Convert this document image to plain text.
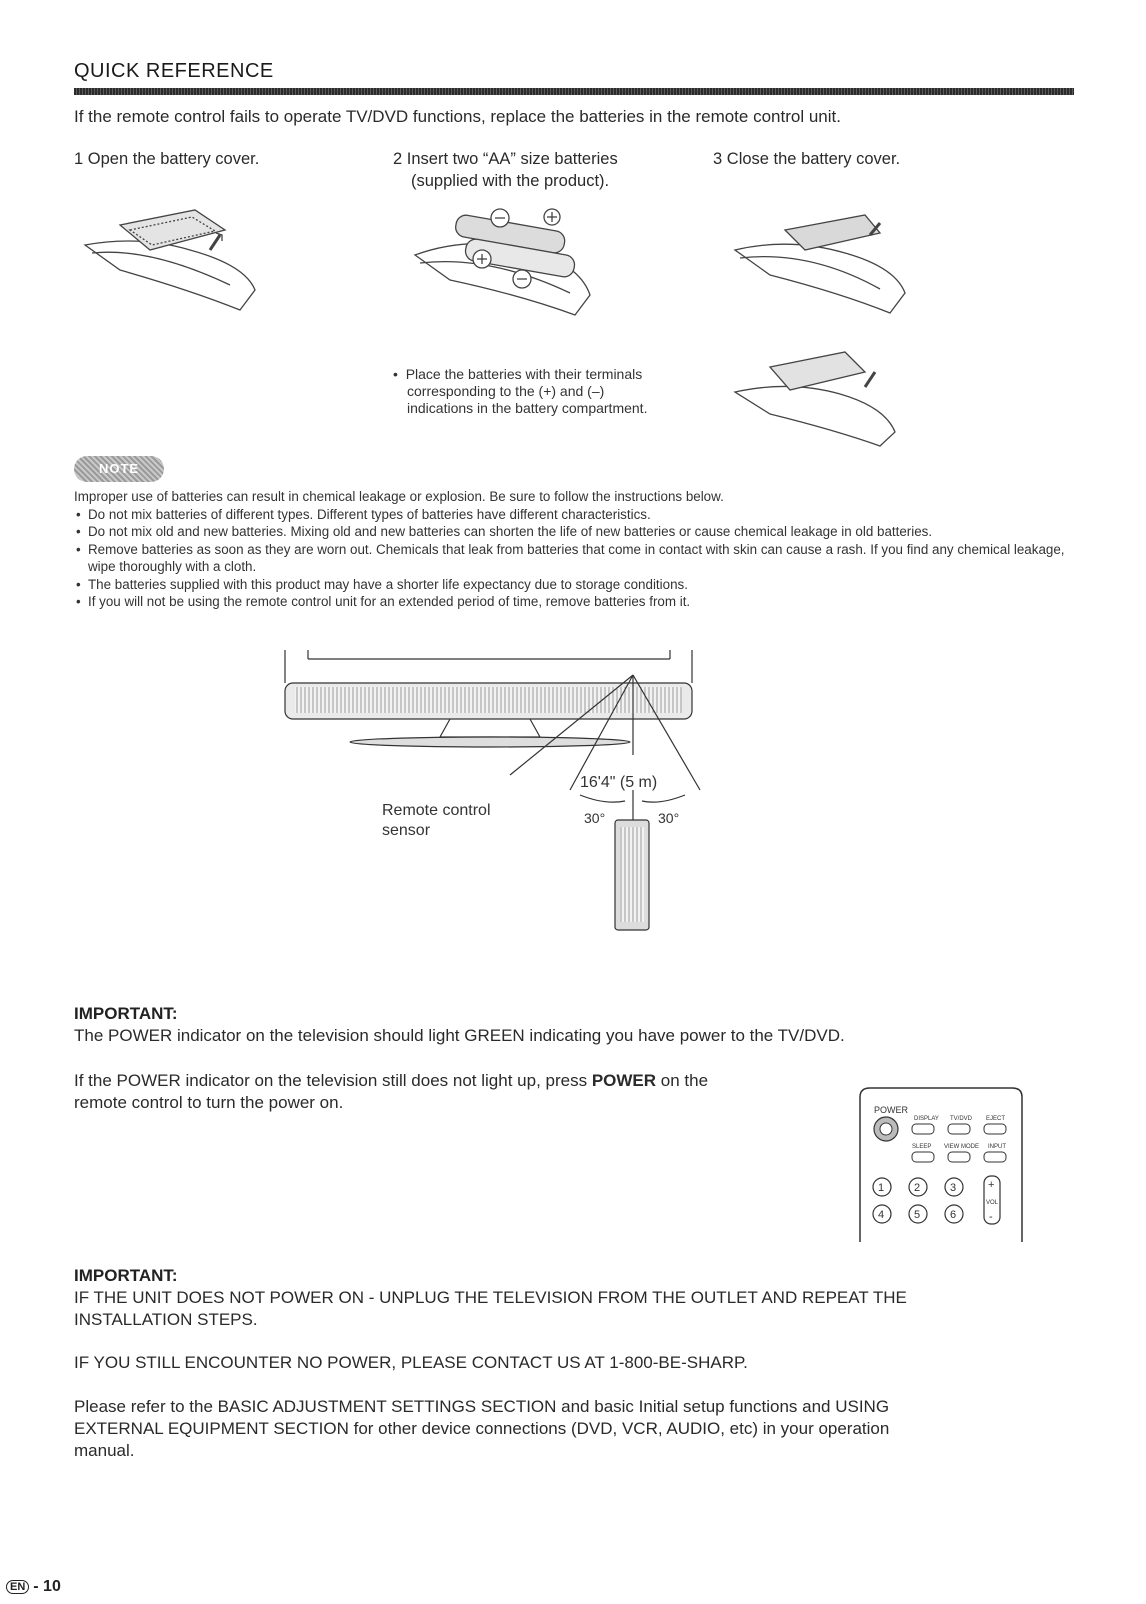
QUICK REFERENCE
If the remote control fails to operate TV/DVD functions, replace the batteries in the remote control unit.
1 Open the battery cover.	2 Insert two “AA” size batteries
(supplied with the product).
3 Close the battery cover.
•  Place the batteries with their terminals
corresponding to the (+) and (–)
indications in the battery compartment.
NOTE
Improper use of batteries can result in chemical leakage or explosion. Be sure to follow the instructions below.
• Do not mix batteries of different types. Different types of batteries have different characteristics.
• Do not mix old and new batteries. Mixing old and new batteries can shorten the life of new batteries or cause chemical leakage in old batteries.
• Remove batteries as soon as they are worn out. Chemicals that leak from batteries that come in contact with skin can cause a rash. If you find any chemical leakage, wipe thoroughly with a cloth.
• The batteries supplied with this product may have a shorter life expectancy due to storage conditions.
• If you will not be using the remote control unit for an extended period of time, remove batteries from it.
16'4" (5 m)
30°	30°
Remote control
sensor
IMPORTANT:
The POWER indicator on the television should light GREEN indicating you have power to the TV/DVD.
If the POWER indicator on the television still does not light up, press POWER on the
remote control to turn the power on.	POWER
DISPLAY TV/DVD EJECT
SLEEP VIEW MODE INPUT
1	2	3
4	5	6
+
VOL
-
IMPORTANT:
IF THE UNIT DOES NOT POWER ON - UNPLUG THE TELEVISION FROM THE OUTLET AND REPEAT THE
INSTALLATION STEPS.
IF YOU STILL ENCOUNTER NO POWER, PLEASE CONTACT US AT 1-800-BE-SHARP.
Please refer to the BASIC ADJUSTMENT SETTINGS SECTION and basic Initial setup functions and USING
EXTERNAL EQUIPMENT SECTION for other device connections (DVD, VCR, AUDIO, etc) in your operation
manual.
EN - 10
